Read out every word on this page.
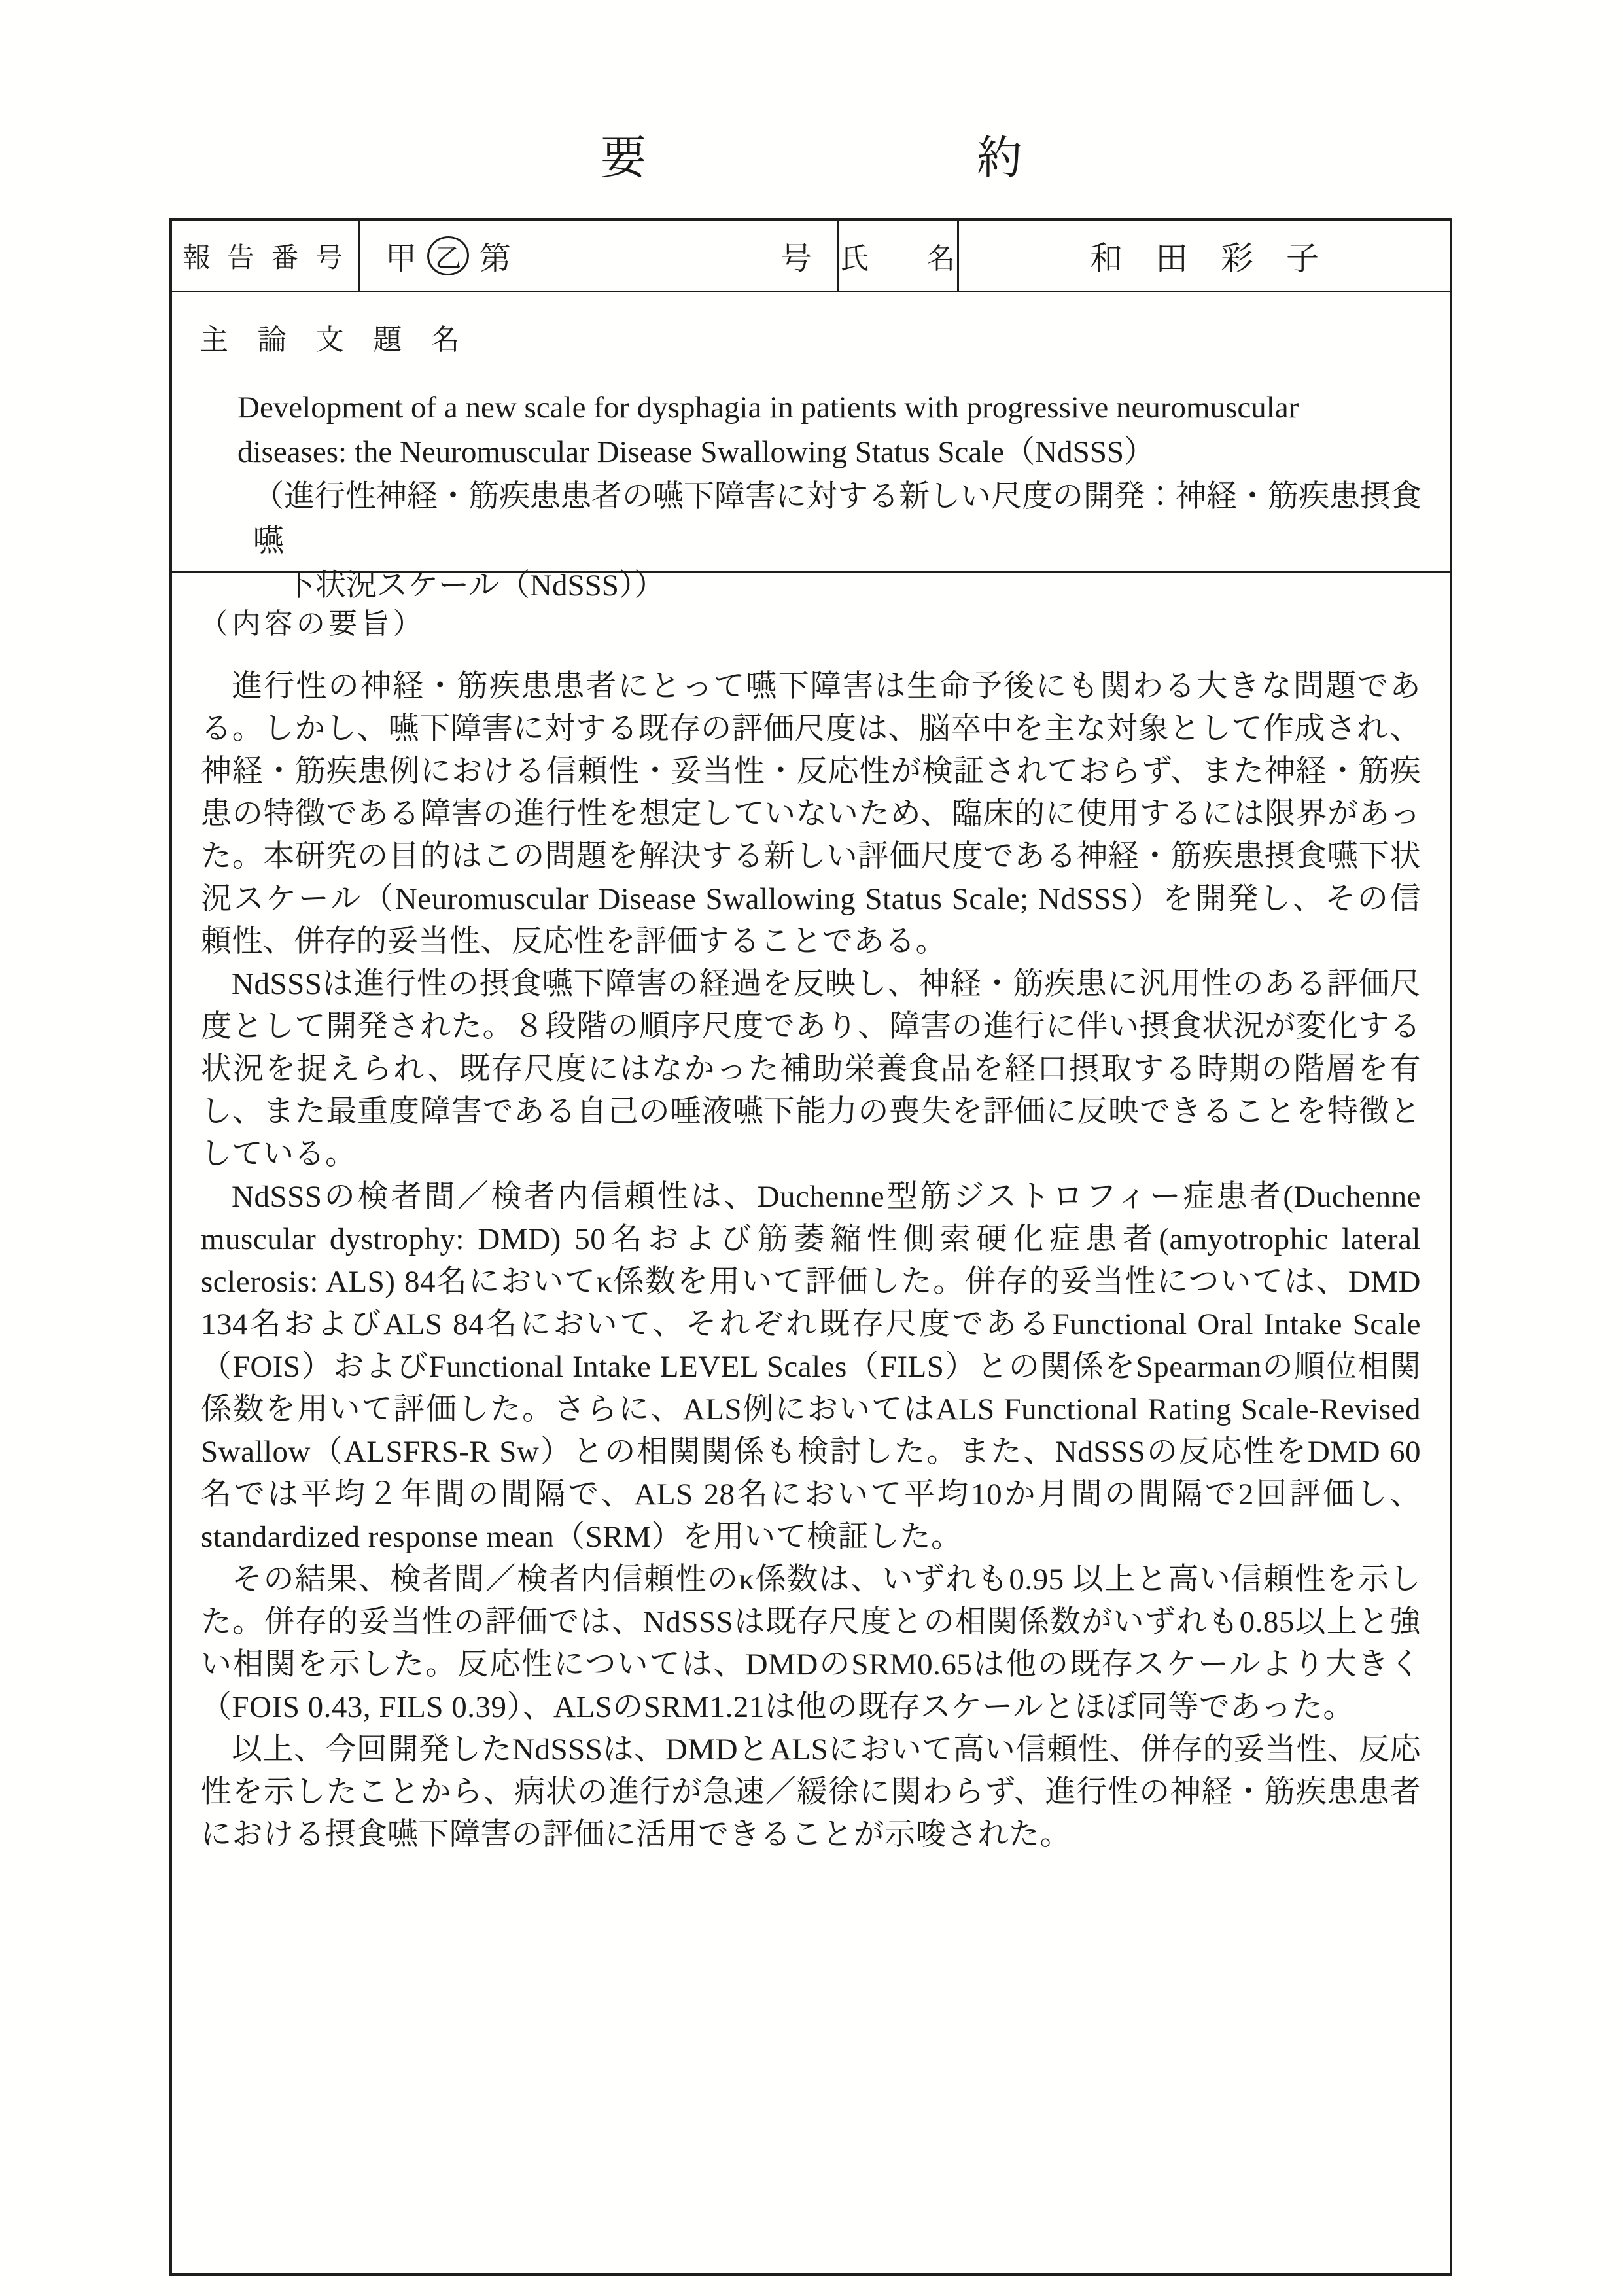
要	約
報 告 番 号	甲 乙 第	号 氏　　名	和　田　彩　子
主 論 文 題 名
Development of a new scale for dysphagia in patients with progressive neuromuscular
diseases: the Neuromuscular Disease Swallowing Status Scale（NdSSS）
（進行性神経・筋疾患患者の嚥下障害に対する新しい尺度の開発：神経・筋疾患摂食嚥
下状況スケール（NdSSS））
（内容の要旨）

進行性の神経・筋疾患患者にとって嚥下障害は生命予後にも関わる大きな問題である。しかし、嚥下障害に対する既存の評価尺度は、脳卒中を主な対象として作成され、神経・筋疾患例における信頼性・妥当性・反応性が検証されておらず、また神経・筋疾患の特徴である障害の進行性を想定していないため、臨床的に使用するには限界があった。本研究の目的はこの問題を解決する新しい評価尺度である神経・筋疾患摂食嚥下状況スケール（Neuromuscular Disease Swallowing Status Scale; NdSSS）を開発し、その信頼性、併存的妥当性、反応性を評価することである。

NdSSSは進行性の摂食嚥下障害の経過を反映し、神経・筋疾患に汎用性のある評価尺度として開発された。８段階の順序尺度であり、障害の進行に伴い摂食状況が変化する状況を捉えられ、既存尺度にはなかった補助栄養食品を経口摂取する時期の階層を有し、また最重度障害である自己の唾液嚥下能力の喪失を評価に反映できることを特徴としている。

NdSSSの検者間／検者内信頼性は、Duchenne型筋ジストロフィー症患者(Duchenne muscular dystrophy: DMD) 50名および筋萎縮性側索硬化症患者(amyotrophic lateral sclerosis: ALS) 84名においてκ係数を用いて評価した。併存的妥当性については、DMD 134名およびALS 84名において、それぞれ既存尺度であるFunctional Oral Intake Scale（FOIS）およびFunctional Intake LEVEL Scales（FILS）との関係をSpearmanの順位相関係数を用いて評価した。さらに、ALS例においてはALS Functional Rating Scale-Revised Swallow（ALSFRS-R Sw）との相関関係も検討した。また、NdSSSの反応性をDMD 60名では平均２年間の間隔で、ALS 28名において平均10か月間の間隔で2回評価し、standardized response mean（SRM）を用いて検証した。

その結果、検者間／検者内信頼性のκ係数は、いずれも0.95 以上と高い信頼性を示した。併存的妥当性の評価では、NdSSSは既存尺度との相関係数がいずれも0.85以上と強い相関を示した。反応性については、DMDのSRM0.65は他の既存スケールより大きく（FOIS 0.43, FILS 0.39）、ALSのSRM1.21は他の既存スケールとほぼ同等であった。

以上、今回開発したNdSSSは、DMDとALSにおいて高い信頼性、併存的妥当性、反応性を示したことから、病状の進行が急速／緩徐に関わらず、進行性の神経・筋疾患患者における摂食嚥下障害の評価に活用できることが示唆された。
